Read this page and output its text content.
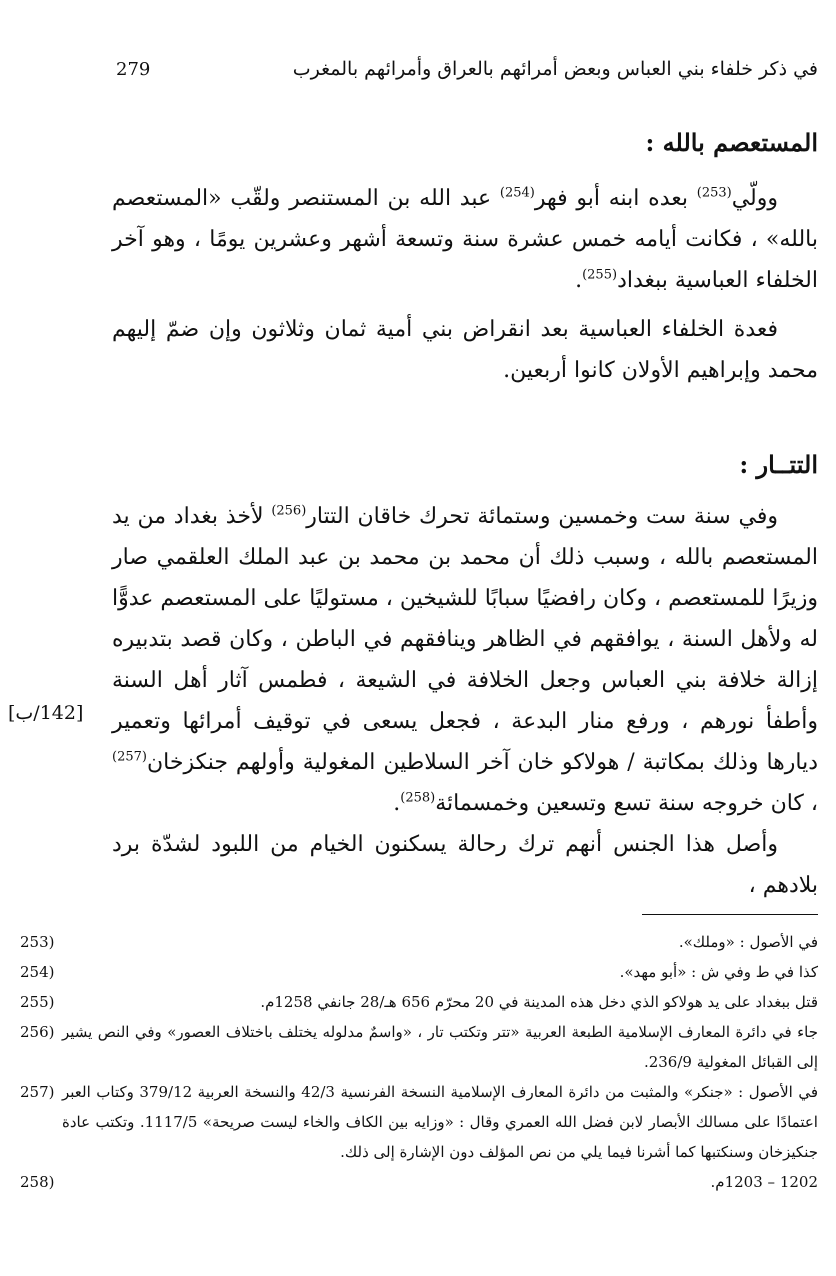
في ذكر خلفاء بني العباس وبعض أمرائهم بالعراق وأمرائهم بالمغرب
279
المستعصم بالله :

وولّي$^{(253)}$ بعده ابنه أبو فهر$^{(254)}$ عبد الله بن المستنصر ولقّب «المستعصم بالله» ، فكانت أيامه خمس عشرة سنة وتسعة أشهر وعشرين يومًا ، وهو آخر الخلفاء العباسية ببغداد$^{(255)}$.

فعدة الخلفاء العباسية بعد انقراض بني أمية ثمان وثلاثون وإن ضمّ إليهم محمد وإبراهيم الأولان كانوا أربعين.

التتــار :

وفي سنة ست وخمسين وستمائة تحرك خاقان التتار$^{(256)}$ لأخذ بغداد من يد المستعصم بالله ، وسبب ذلك أن محمد بن محمد بن عبد الملك العلقمي صار وزيرًا للمستعصم ، وكان رافضيًا سبابًا للشيخين ، مستوليًا على المستعصم عدوًّا له ولأهل السنة ، يوافقهم في الظاهر وينافقهم في الباطن ، وكان قصد بتدبيره إزالة خلافة بني العباس وجعل الخلافة في الشيعة ، فطمس آثار أهل السنة وأطفأ نورهم ، ورفع منار البدعة ، فجعل يسعى في توقيف أمرائها وتعمير ديارها وذلك بمكاتبة / هولاكو خان آخر السلاطين المغولية وأولهم جنكزخان$^{(257)}$ ، كان خروجه سنة تسع وتسعين وخمسمائة$^{(258)}$.

وأصل هذا الجنس أنهم ترك رحالة يسكنون الخيام من اللبود لشدّة برد بلادهم ،

[142/ب]
في الأصول : «وملك».
253)
كذا في ط وفي ش : «أبو مهد».
254)
قتل ببغداد على يد هولاكو الذي دخل هذه المدينة في 20 محرّم 656 هـ/28 جانفي 1258م.
255)
جاء في دائرة المعارف الإسلامية الطبعة العربية «تتر وتكتب تار ، «واسمٌ مدلوله يختلف باختلاف العصور» وفي النص يشير إلى القبائل المغولية 236/9.
256)
في الأصول : «جنكر» والمثبت من دائرة المعارف الإسلامية النسخة الفرنسية 42/3 والنسخة العربية 379/12 وكتاب العبر اعتمادًا على مسالك الأبصار لابن فضل الله العمري وقال : «وزايه بين الكاف والخاء ليست صريحة» 1117/5. وتكتب عادة جنكيزخان وسنكتبها كما أشرنا فيما يلي من نص المؤلف دون الإشارة إلى ذلك.
257)
1202 – 1203م.
258)
